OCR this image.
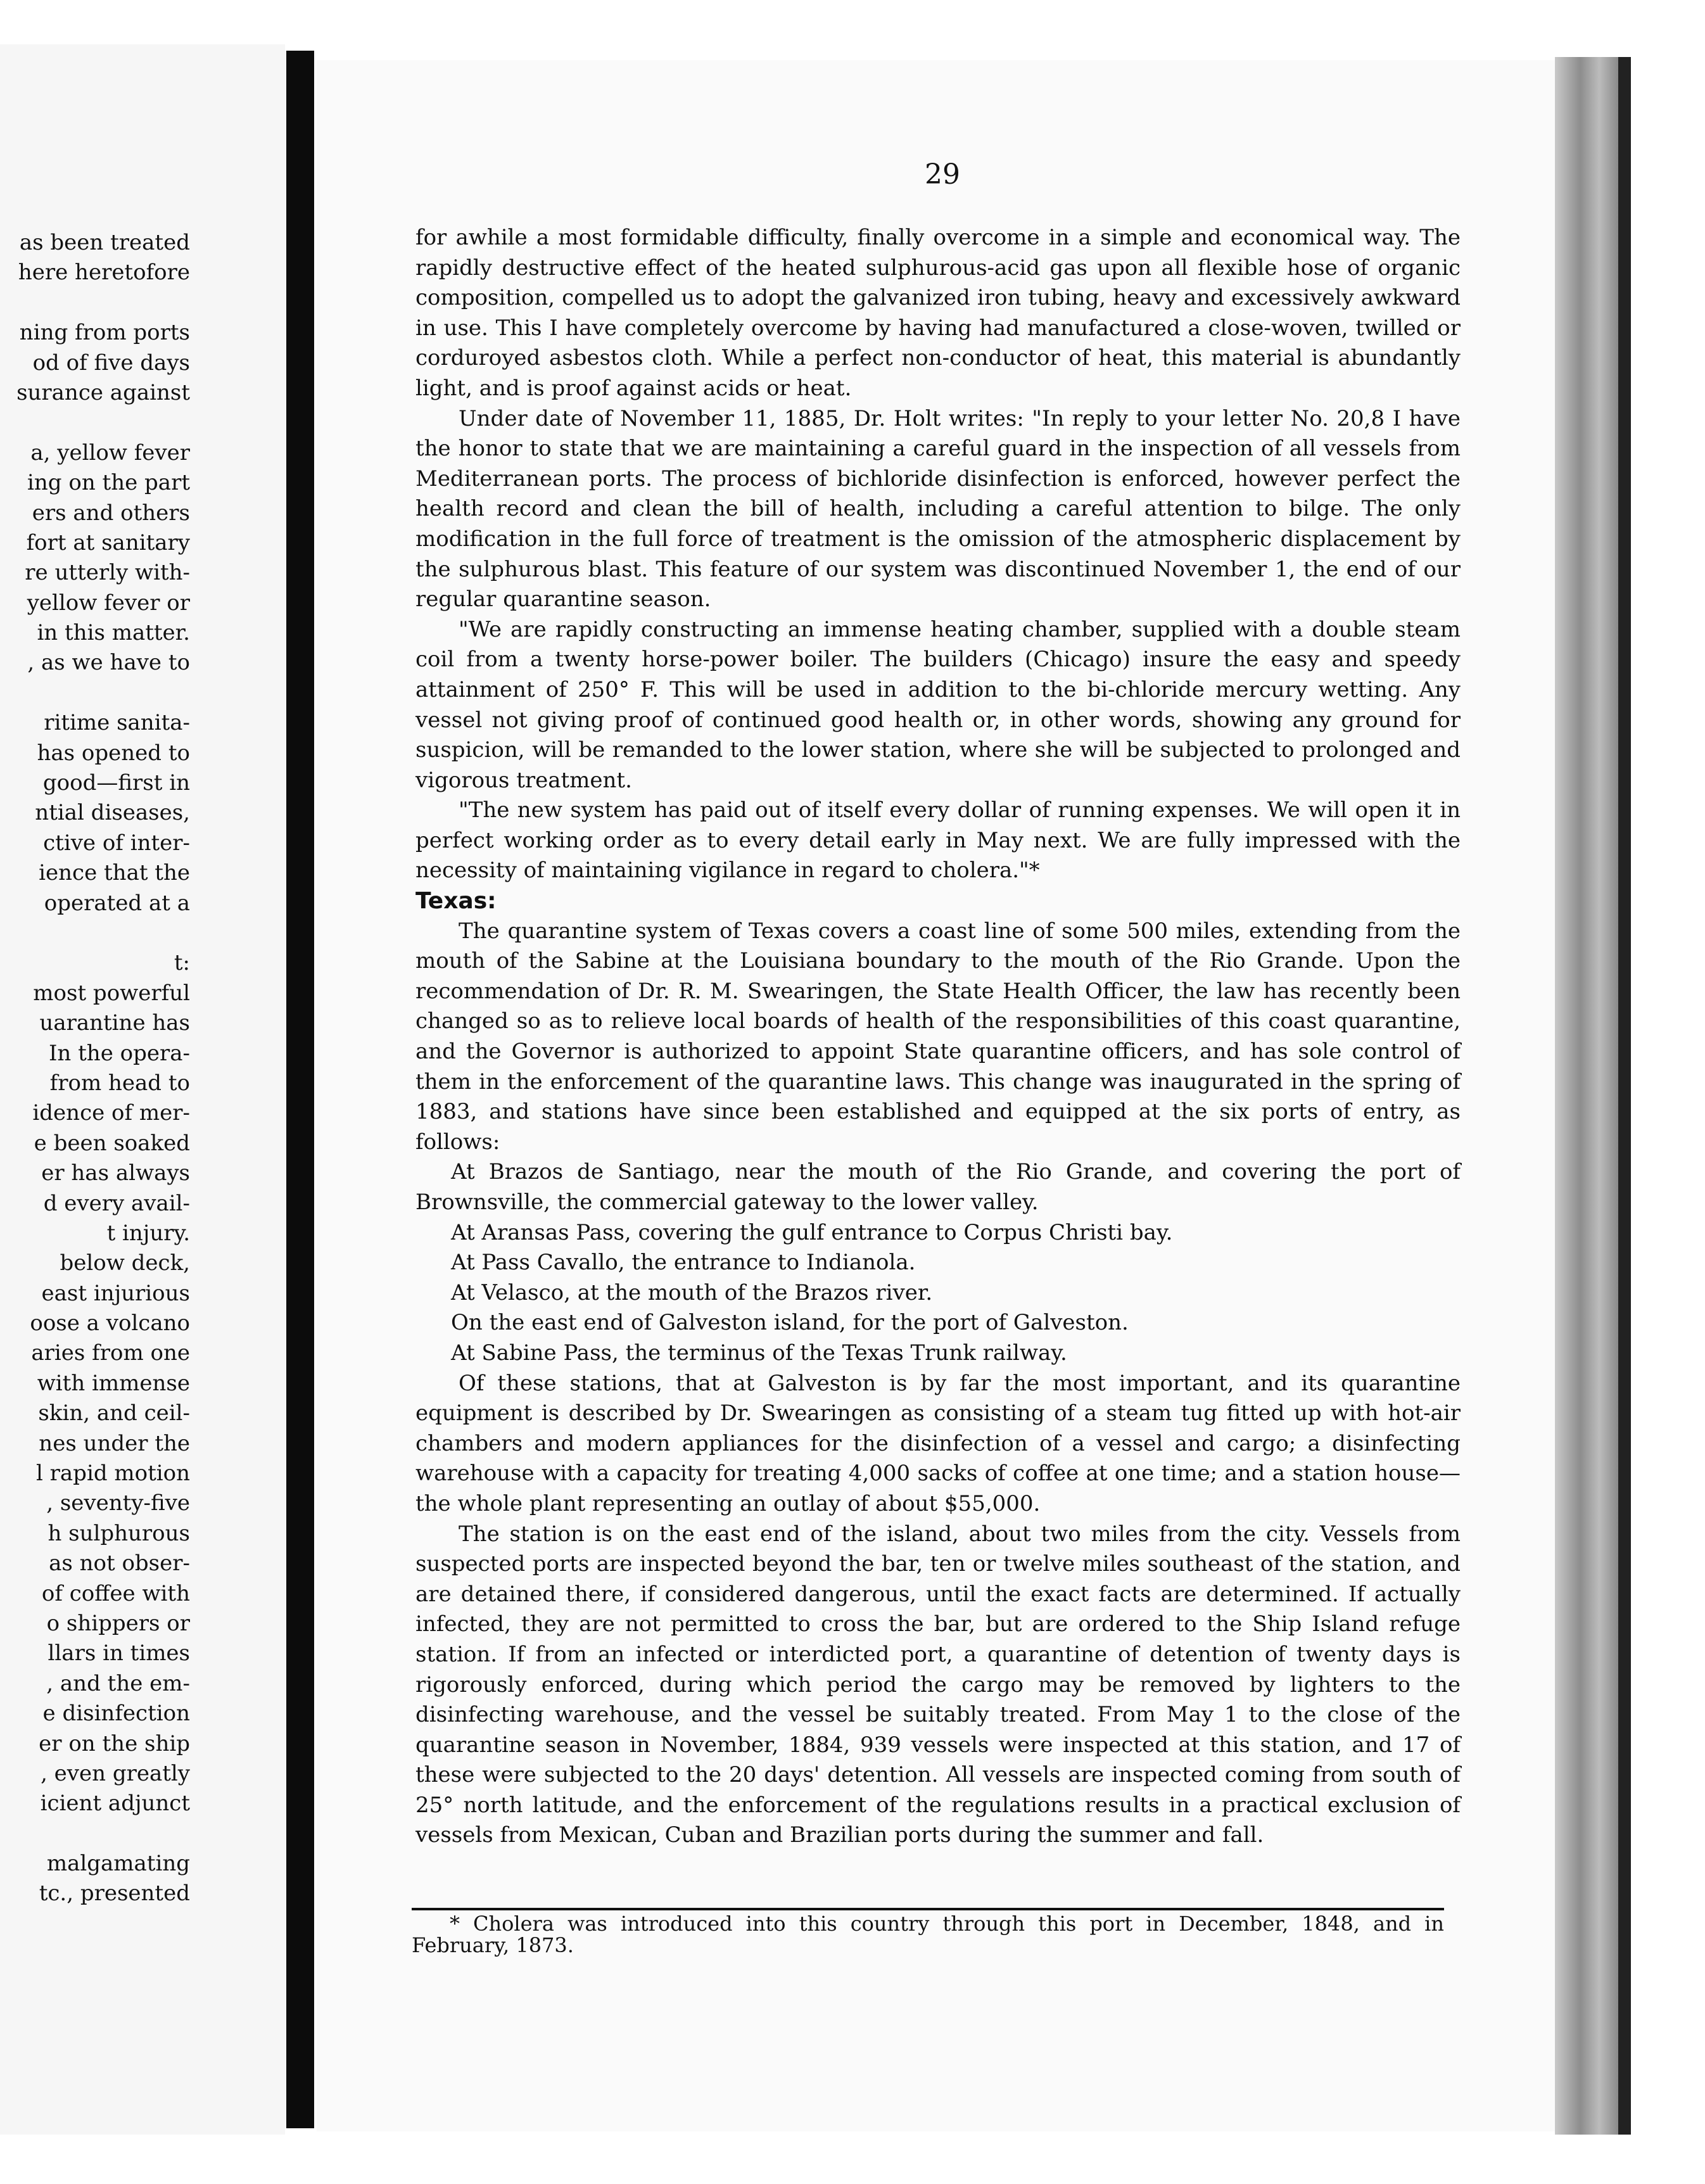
as been treated
here heretofore
ning from ports
od of five days
surance against
a, yellow fever
ing on the part
ers and others
fort at sanitary
re utterly with-
yellow fever or
in this matter.
, as we have to
ritime sanita-
has opened to
good—first in
ntial diseases,
ctive of inter-
ience that the
operated at a
t:
most powerful
uarantine has
In the opera-
from head to
idence of mer-
e been soaked
er has always
d every avail-
t injury.
below deck,
east injurious
oose a volcano
aries from one
with immense
skin, and ceil-
nes under the
l rapid motion
, seventy-five
h sulphurous
as not obser-
of coffee with
o shippers or
llars in times
, and the em-
e disinfection
er on the ship
, even greatly
icient adjunct
malgamating
tc., presented
29

for awhile a most formidable difficulty, finally overcome in a simple and economical way. The rapidly destructive effect of the heated sulphurous-acid gas upon all flexible hose of organic composition, compelled us to adopt the galvanized iron tubing, heavy and excessively awkward in use. This I have completely overcome by having had manufactured a close-woven, twilled or corduroyed asbestos cloth. While a perfect non-conductor of heat, this material is abundantly light, and is proof against acids or heat.

Under date of November 11, 1885, Dr. Holt writes: "In reply to your letter No. 20,8 I have the honor to state that we are maintaining a careful guard in the inspection of all vessels from Mediterranean ports. The process of bichloride disinfection is enforced, however perfect the health record and clean the bill of health, including a careful attention to bilge. The only modification in the full force of treatment is the omission of the atmospheric displacement by the sulphurous blast. This feature of our system was discontinued November 1, the end of our regular quarantine season.

"We are rapidly constructing an immense heating chamber, supplied with a double steam coil from a twenty horse-power boiler. The builders (Chicago) insure the easy and speedy attainment of 250° F. This will be used in addition to the bi-chloride mercury wetting. Any vessel not giving proof of continued good health or, in other words, showing any ground for suspicion, will be remanded to the lower station, where she will be subjected to prolonged and vigorous treatment.

"The new system has paid out of itself every dollar of running expenses. We will open it in perfect working order as to every detail early in May next. We are fully impressed with the necessity of maintaining vigilance in regard to cholera."*

Texas:

The quarantine system of Texas covers a coast line of some 500 miles, extending from the mouth of the Sabine at the Louisiana boundary to the mouth of the Rio Grande. Upon the recommendation of Dr. R. M. Swearingen, the State Health Officer, the law has recently been changed so as to relieve local boards of health of the responsibilities of this coast quarantine, and the Governor is authorized to appoint State quarantine officers, and has sole control of them in the enforcement of the quarantine laws. This change was inaugurated in the spring of 1883, and stations have since been established and equipped at the six ports of entry, as follows:

At Brazos de Santiago, near the mouth of the Rio Grande, and covering the port of Brownsville, the commercial gateway to the lower valley.
At Aransas Pass, covering the gulf entrance to Corpus Christi bay.
At Pass Cavallo, the entrance to Indianola.
At Velasco, at the mouth of the Brazos river.
On the east end of Galveston island, for the port of Galveston.
At Sabine Pass, the terminus of the Texas Trunk railway.

Of these stations, that at Galveston is by far the most important, and its quarantine equipment is described by Dr. Swearingen as consisting of a steam tug fitted up with hot-air chambers and modern appliances for the disinfection of a vessel and cargo; a disinfecting warehouse with a capacity for treating 4,000 sacks of coffee at one time; and a station house—the whole plant representing an outlay of about $55,000.

The station is on the east end of the island, about two miles from the city. Vessels from suspected ports are inspected beyond the bar, ten or twelve miles southeast of the station, and are detained there, if considered dangerous, until the exact facts are determined. If actually infected, they are not permitted to cross the bar, but are ordered to the Ship Island refuge station. If from an infected or interdicted port, a quarantine of detention of twenty days is rigorously enforced, during which period the cargo may be removed by lighters to the disinfecting warehouse, and the vessel be suitably treated. From May 1 to the close of the quarantine season in November, 1884, 939 vessels were inspected at this station, and 17 of these were subjected to the 20 days' detention. All vessels are inspected coming from south of 25° north latitude, and the enforcement of the regulations results in a practical exclusion of vessels from Mexican, Cuban and Brazilian ports during the summer and fall.

* Cholera was introduced into this country through this port in December, 1848, and in February, 1873.
